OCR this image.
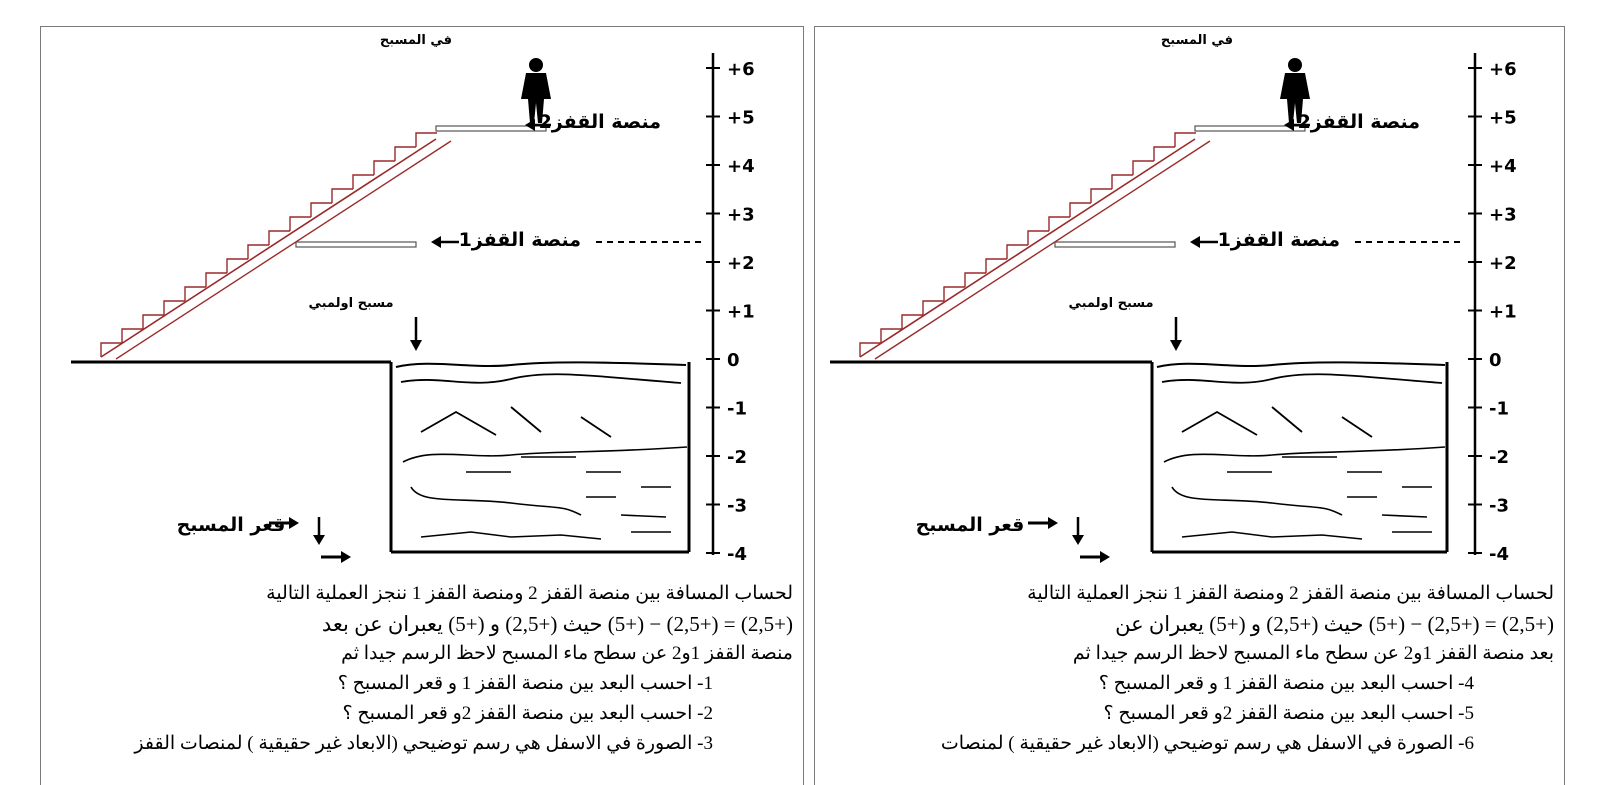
في المسبح
+6
+5
+4
+3
+2
+1
0
-1
-2
-3
-4
منصة القفز2
منصة القفز1
مسبح اولمبي
قعر المسبح
لحساب المسافة بين منصة القفز 2 ومنصة القفز 1 ننجز العملية التالية
(+2,5) = (+2,5) − (+5) حيث (+2,5) و (+5) يعبران عن بعد
منصة القفز 1و2 عن سطح ماء المسبح لاحظ الرسم جيدا ثم
1- احسب البعد بين منصة القفز 1 و قعر المسبح ؟
2- احسب البعد بين منصة القفز 2و قعر المسبح ؟
3- الصورة في الاسفل هي رسم توضيحي (الابعاد غير حقيقية ) لمنصات القفز
في المسبح
+6
+5
+4
+3
+2
+1
0
-1
-2
-3
-4
منصة القفز2
منصة القفز1
مسبح اولمبي
قعر المسبح
لحساب المسافة بين منصة القفز 2 ومنصة القفز 1 ننجز العملية التالية
(+2,5) = (+2,5) − (+5) حيث (+2,5) و (+5) يعبران عن
بعد منصة القفز 1و2 عن سطح ماء المسبح لاحظ الرسم جيدا ثم
4- احسب البعد بين منصة القفز 1 و قعر المسبح ؟
5- احسب البعد بين منصة القفز 2و قعر المسبح ؟
6- الصورة في الاسفل هي رسم توضيحي (الابعاد غير حقيقية ) لمنصات
